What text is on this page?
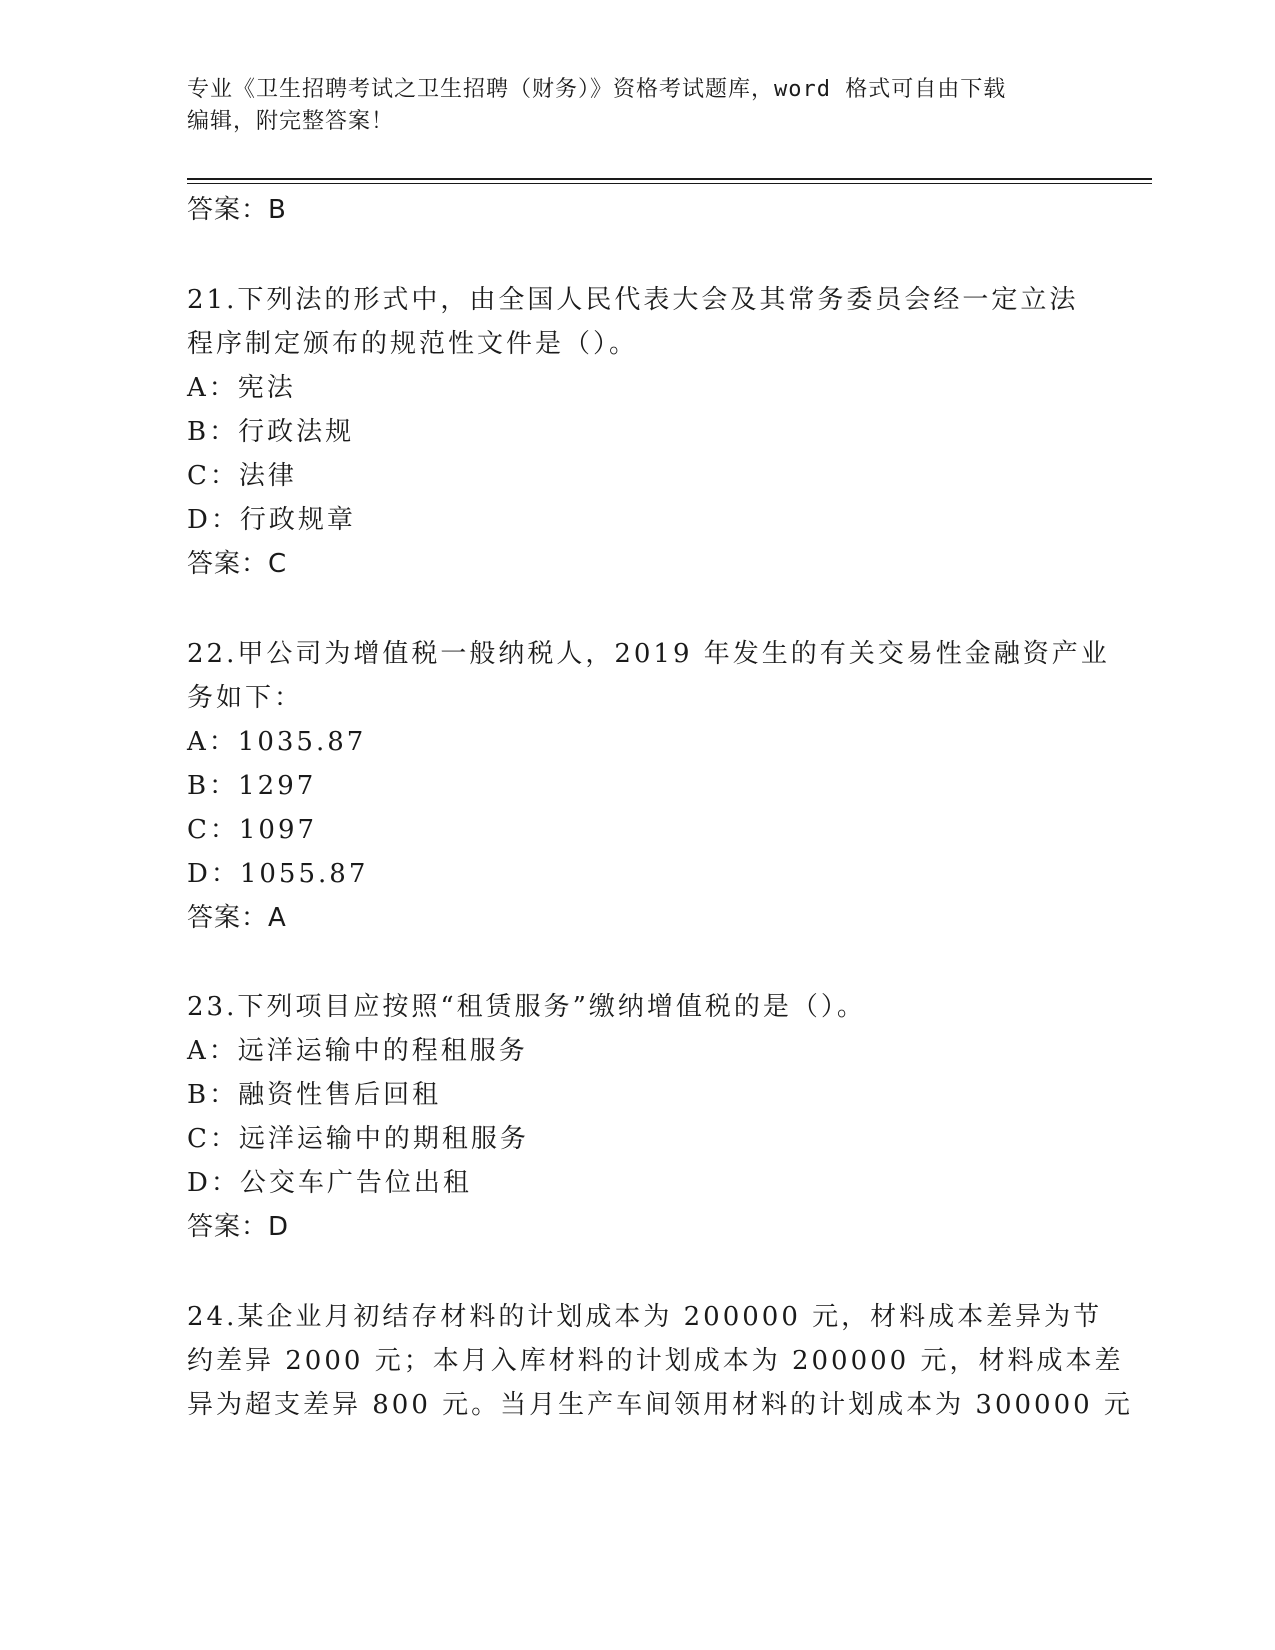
专业《卫生招聘考试之卫生招聘（财务）》资格考试题库，word 格式可自由下载
编辑，附完整答案！
答案：B
21.下列法的形式中，由全国人民代表大会及其常务委员会经一定立法
程序制定颁布的规范性文件是（）。
A：宪法
B：行政法规
C：法律
D：行政规章
答案：C
22.甲公司为增值税一般纳税人，2019 年发生的有关交易性金融资产业
务如下：
A：1035.87
B：1297
C：1097
D：1055.87
答案：A
23.下列项目应按照“租赁服务”缴纳增值税的是（）。
A：远洋运输中的程租服务
B：融资性售后回租
C：远洋运输中的期租服务
D：公交车广告位出租
答案：D
24.某企业月初结存材料的计划成本为 200000 元，材料成本差异为节
约差异 2000 元；本月入库材料的计划成本为 200000 元，材料成本差
异为超支差异 800 元。当月生产车间领用材料的计划成本为 300000 元
